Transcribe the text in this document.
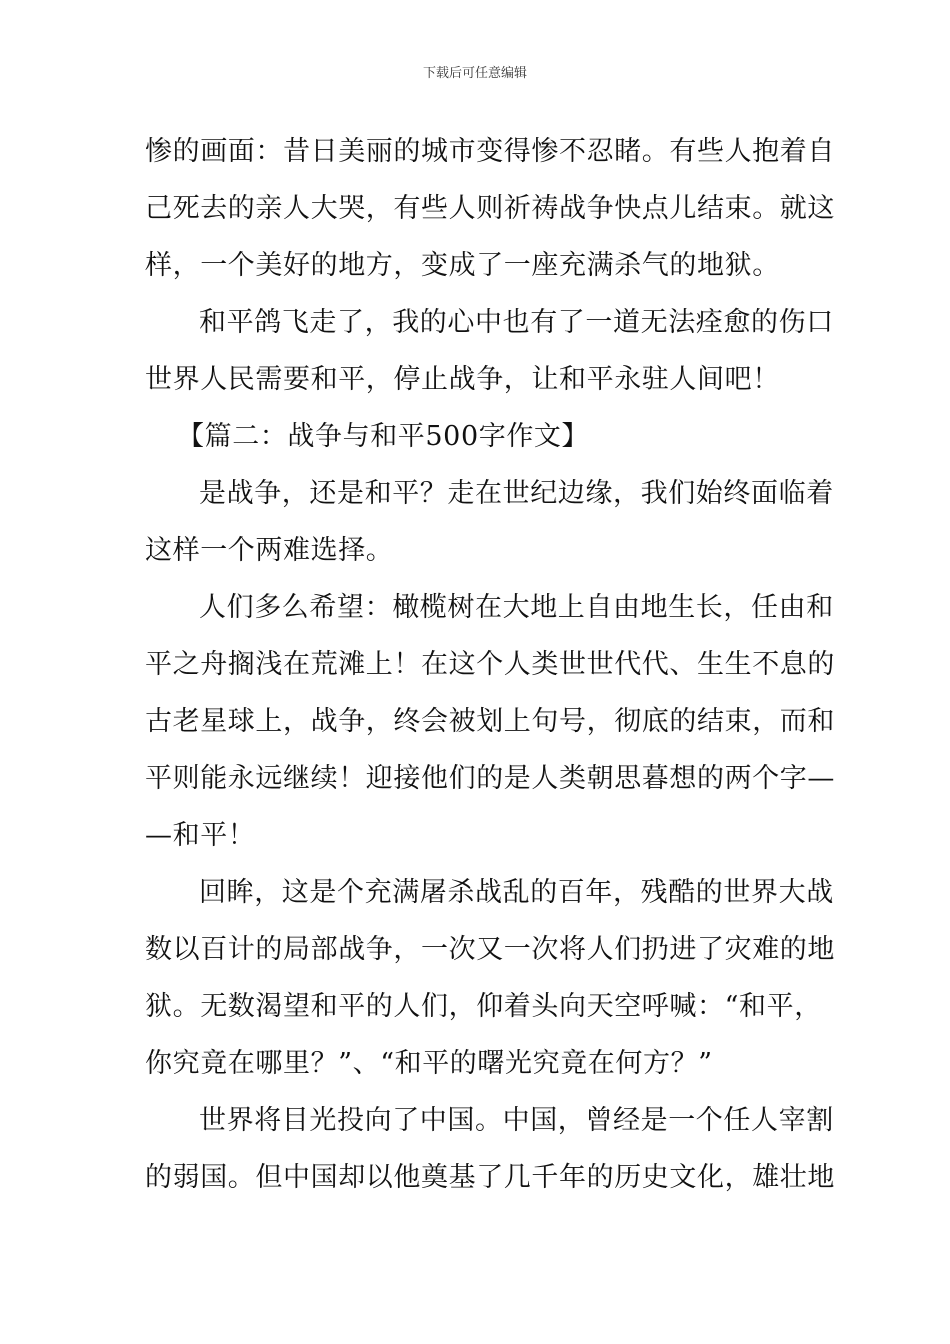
下载后可任意编辑
惨的画面：昔日美丽的城市变得惨不忍睹。有些人抱着自
己死去的亲人大哭，有些人则祈祷战争快点儿结束。就这
样，一个美好的地方，变成了一座充满杀气的地狱。
和平鸽飞走了，我的心中也有了一道无法痊愈的伤口
世界人民需要和平，停止战争，让和平永驻人间吧！
【篇二：战争与和平500字作文】
是战争，还是和平？走在世纪边缘，我们始终面临着
这样一个两难选择。
人们多么希望：橄榄树在大地上自由地生长，任由和
平之舟搁浅在荒滩上！在这个人类世世代代、生生不息的
古老星球上，战争，终会被划上句号，彻底的结束，而和
平则能永远继续！迎接他们的是人类朝思暮想的两个字—
—和平！
回眸，这是个充满屠杀战乱的百年，残酷的世界大战
数以百计的局部战争，一次又一次将人们扔进了灾难的地
狱。无数渴望和平的人们，仰着头向天空呼喊：“和平，
你究竟在哪里？”、“和平的曙光究竟在何方？”
世界将目光投向了中国。中国，曾经是一个任人宰割
的弱国。但中国却以他奠基了几千年的历史文化，雄壮地
